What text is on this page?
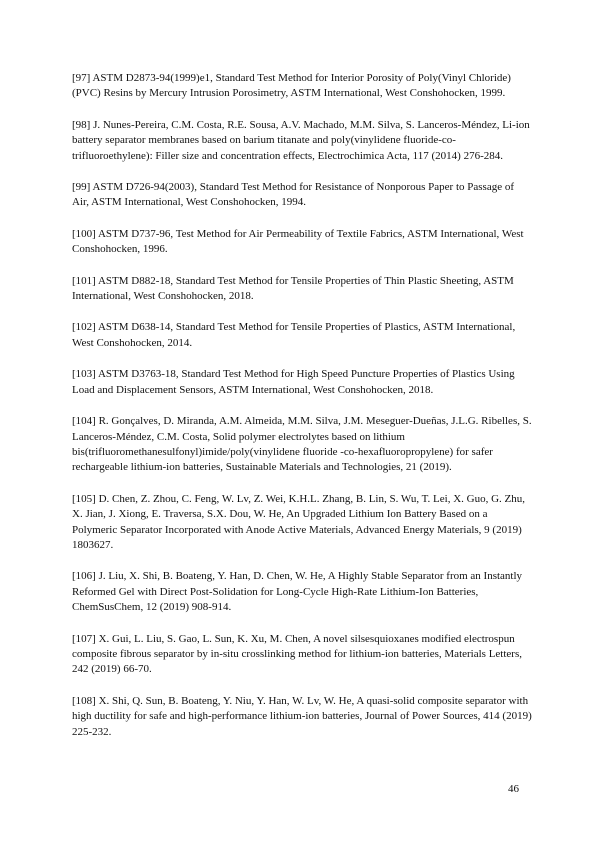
[97] ASTM D2873-94(1999)e1, Standard Test Method for Interior Porosity of Poly(Vinyl Chloride) (PVC) Resins by Mercury Intrusion Porosimetry, ASTM International, West Conshohocken, 1999.

[98] J. Nunes-Pereira, C.M. Costa, R.E. Sousa, A.V. Machado, M.M. Silva, S. Lanceros-Méndez, Li-ion battery separator membranes based on barium titanate and poly(vinylidene fluoride-co-trifluoroethylene): Filler size and concentration effects, Electrochimica Acta, 117 (2014) 276-284.

[99] ASTM D726-94(2003), Standard Test Method for Resistance of Nonporous Paper to Passage of Air, ASTM International, West Conshohocken, 1994.

[100] ASTM D737-96, Test Method for Air Permeability of Textile Fabrics, ASTM International, West Conshohocken, 1996.

[101] ASTM D882-18, Standard Test Method for Tensile Properties of Thin Plastic Sheeting, ASTM International, West Conshohocken, 2018.

[102] ASTM D638-14, Standard Test Method for Tensile Properties of Plastics, ASTM International, West Conshohocken, 2014.

[103] ASTM D3763-18, Standard Test Method for High Speed Puncture Properties of Plastics Using Load and Displacement Sensors, ASTM International, West Conshohocken, 2018.

[104] R. Gonçalves, D. Miranda, A.M. Almeida, M.M. Silva, J.M. Meseguer-Dueñas, J.L.G. Ribelles, S. Lanceros-Méndez, C.M. Costa, Solid polymer electrolytes based on lithium bis(trifluoromethanesulfonyl)imide/poly(vinylidene fluoride -co-hexafluoropropylene) for safer rechargeable lithium-ion batteries, Sustainable Materials and Technologies, 21 (2019).

[105] D. Chen, Z. Zhou, C. Feng, W. Lv, Z. Wei, K.H.L. Zhang, B. Lin, S. Wu, T. Lei, X. Guo, G. Zhu, X. Jian, J. Xiong, E. Traversa, S.X. Dou, W. He, An Upgraded Lithium Ion Battery Based on a Polymeric Separator Incorporated with Anode Active Materials, Advanced Energy Materials, 9 (2019) 1803627.

[106] J. Liu, X. Shi, B. Boateng, Y. Han, D. Chen, W. He, A Highly Stable Separator from an Instantly Reformed Gel with Direct Post-Solidation for Long-Cycle High-Rate Lithium-Ion Batteries, ChemSusChem, 12 (2019) 908-914.

[107] X. Gui, L. Liu, S. Gao, L. Sun, K. Xu, M. Chen, A novel silsesquioxanes modified electrospun composite fibrous separator by in-situ crosslinking method for lithium-ion batteries, Materials Letters, 242 (2019) 66-70.

[108] X. Shi, Q. Sun, B. Boateng, Y. Niu, Y. Han, W. Lv, W. He, A quasi-solid composite separator with high ductility for safe and high-performance lithium-ion batteries, Journal of Power Sources, 414 (2019) 225-232.

46
